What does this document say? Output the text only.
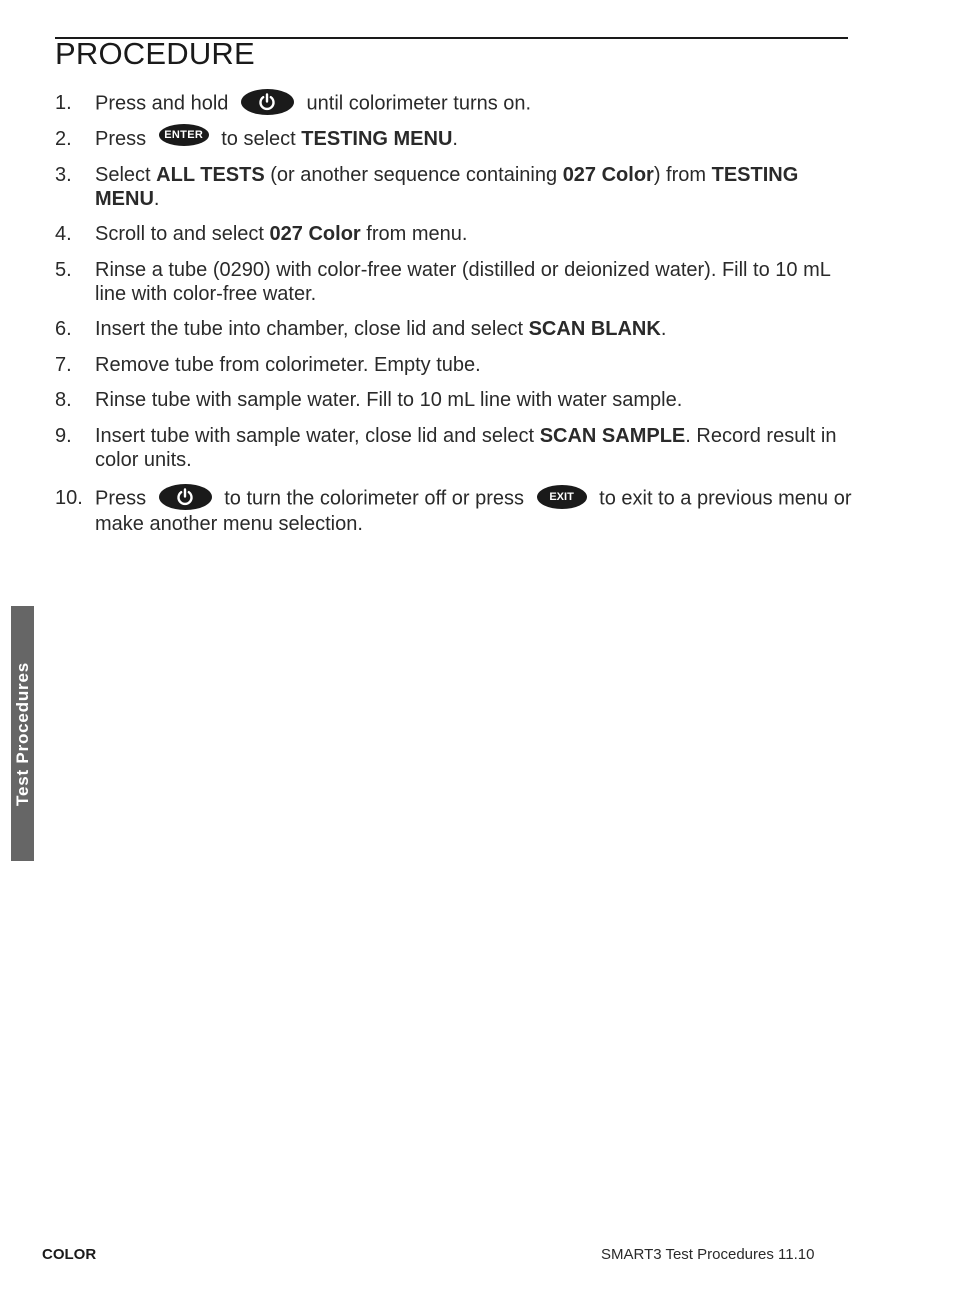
PROCEDURE
1. Press and hold	until colorimeter turns on.
2. Press ENTER to select TESTING MENU.
3. Select ALL TESTS (or another sequence containing 027 Color) from TESTING MENU.
4. Scroll to and select 027 Color from menu.
5. Rinse a tube (0290) with color-free water (distilled or deionized water). Fill to 10 mL line with color-free water.
6. Insert the tube into chamber, close lid and select SCAN BLANK.
7. Remove tube from colorimeter. Empty tube.
8. Rinse tube with sample water. Fill to 10 mL line with water sample.
9. Insert tube with sample water, close lid and select SCAN SAMPLE. Record result in color units.
10. Press	to turn the colorimeter off or press EXIT to exit to a previous menu or make another menu selection.
Test Procedures
COLOR	SMART3 Test Procedures 11.10
